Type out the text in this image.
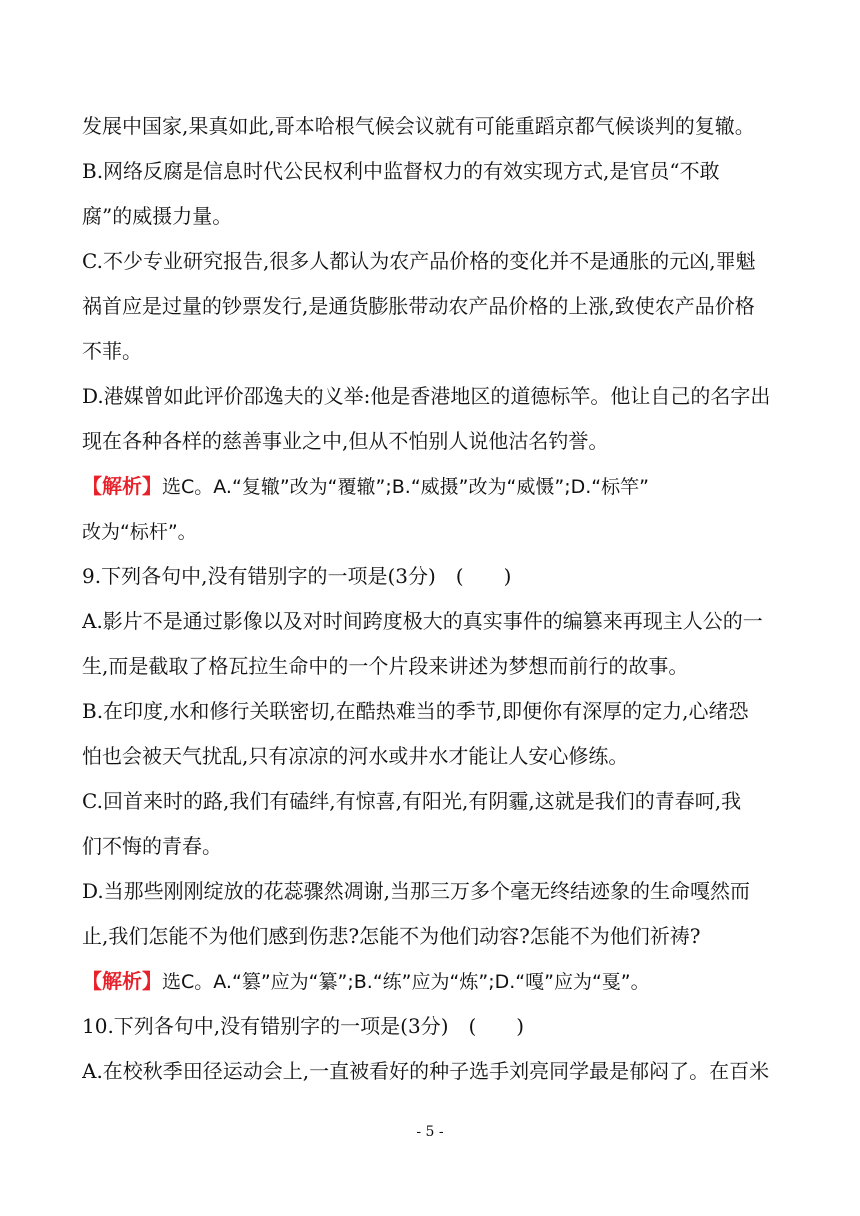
发展中国家,果真如此,哥本哈根气候会议就有可能重蹈京都气候谈判的复辙。
B.网络反腐是信息时代公民权利中监督权力的有效实现方式,是官员“不敢
腐”的威摄力量。
C.不少专业研究报告,很多人都认为农产品价格的变化并不是通胀的元凶,罪魁
祸首应是过量的钞票发行,是通货膨胀带动农产品价格的上涨,致使农产品价格
不菲。
D.港媒曾如此评价邵逸夫的义举:他是香港地区的道德标竿。他让自己的名字出
现在各种各样的慈善事业之中,但从不怕别人说他沽名钓誉。
【解析】选C。A.“复辙”改为“覆辙”;B.“威摄”改为“威慑”;D.“标竿”
改为“标杆”。
9.下列各句中,没有错别字的一项是(3分)　(　　)
A.影片不是通过影像以及对时间跨度极大的真实事件的编篡来再现主人公的一
生,而是截取了格瓦拉生命中的一个片段来讲述为梦想而前行的故事。
B.在印度,水和修行关联密切,在酷热难当的季节,即便你有深厚的定力,心绪恐
怕也会被天气扰乱,只有凉凉的河水或井水才能让人安心修练。
C.回首来时的路,我们有磕绊,有惊喜,有阳光,有阴霾,这就是我们的青春呵,我
们不悔的青春。
D.当那些刚刚绽放的花蕊骤然凋谢,当那三万多个毫无终结迹象的生命嘎然而
止,我们怎能不为他们感到伤悲?怎能不为他们动容?怎能不为他们祈祷?
【解析】选C。A.“篡”应为“纂”;B.“练”应为“炼”;D.“嘎”应为“戛”。
10.下列各句中,没有错别字的一项是(3分)　(　　)
A.在校秋季田径运动会上,一直被看好的种子选手刘亮同学最是郁闷了。在百米
- 5 -
